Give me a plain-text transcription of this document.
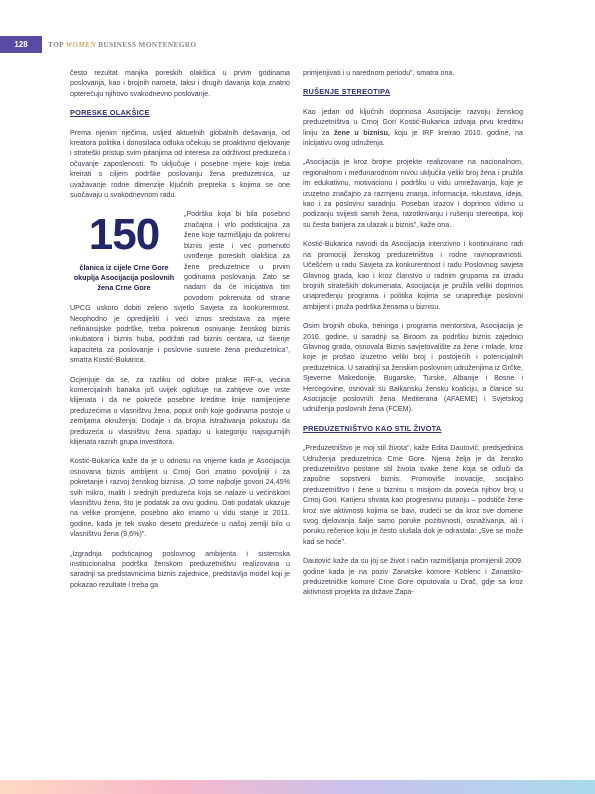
128	TOP WOMEN BUSINESS MONTENEGRO

često rezultat manjka poreskih olakšica u prvim godinama poslovanja, kao i brojnih nameta, taksi i drugih davanja koja znatno opterećuju njihovo svakodnevno poslovanje.

PORESKE OLAKŠICE

Prema njenim riječima, usljed aktuelnih globalnih dešavanja, od kreatora politika i donosilaca odluka očekuju se proaktivno djelovanje i strateški pristup svim pitanjima od interesa za održivost preduzeća i očuvanje zaposlenosti. To uključuje i posebne mjere koje treba kreirati s ciljem podrške poslovanju žena preduzetnica, uz uvažavanje rodne dimenzije ključnih prepreka s kojima se one suočavaju u svakodnevnom radu.

150
članica iz cijele Crne Gore okuplja Asocijacija poslovnih žena Crne Gore

„Podrška koja bi bila posebno značajna i vrlo podsticajna za žene koje razmišljaju da pokrenu biznis jeste i već pomenuto uvođenje poreskih olakšica za žene preduzetnice u prvim godinama poslovanja. Zato se nadam da će inicijativa tim povodom pokrenuta od strane UPCG uskoro dobiti zeleno svjetlo Savjeta za konkurentnost. Neophodno je opredijeliti i veći iznos sredstava za mjere nefinansijske podrške, treba pokrenuti osnivanje ženskog biznis inkubatora i biznis huba, podržati rad biznis centara, uz širenje kapaciteta za poslovanje i poslovne susrete žena preduzetnica", smatra Kostić-Bukarica.

Ocjenjuje da se, za razliku od dobre prakse IRF-a, većina komercijalnih banaka još uvijek oglušuje na zahtjeve ove vrste klijenata i da ne pokreće posebne kreditne linije namijenjene preduzećima u vlasništvu žena, poput onih koje godinama postoje u zemljama okruženja. Dodaje i da brojna istraživanja pokazuju da preduzeća u vlasništvu žena spadaju u kategoriju najsigurnijih klijenata raznih grupa investitora.

Kostić-Bukarica kaže da je u odnosu na vrijeme kada je Asocijacija osnovana biznis ambijent u Crnoj Gori znatno povoljniji i za pokretanje i razvoj ženskog biznisa. „O tome najbolje govori 24,45% svih mikro, malih i srednjih preduzeća koja se nalaze u većinskom vlasništvu žena, što je podatak za ovu godinu. Dati podatak ukazuje na velike promjene, posebno ako imamo u vidu stanje iz 2011. godine, kada je tek svako deseto preduzeće u našoj zemlji bilo u vlasništvu žena (9,6%)".

„Izgradnja podsticajnog poslovnog ambijenta i sistemska institucionalna podrška ženskom preduzetništvu realizovana u saradnji sa predstavnicima biznis zajednice, predstavlja model koji je pokazao rezultate i treba ga

primjenjivati i u narednom periodu", smatra ona.

RUŠENJE STEREOTIPA

Kao jedan od ključnih doprinosa Asocijacije razvoju ženskog preduzetništva u Crnoj Gori Kostić-Bukarica izdvaja prvu kreditnu liniju za žene u biznisu, koju je IRF kreirao 2010. godine, na inicijativu ovog udruženja.

„Asocijacija je kroz brojne projekte realizovane na nacionalnom, regionalnom i međunarodnom nivou uključila veliki broj žena i pružila im edukativnu, motivacionu i podršku u vidu umrežavanja, koje je izuzetno značajno za razmjenu znanja, informacija, iskustava, ideja, kao i za poslovnu saradnju. Poseban izazov i doprinos vidimo u podizanju svijesti samih žena, razotkrivanju i rušenju stereotipa, koji su česta barijera za ulazak u biznis", kaže ona.

Kostić-Bukarica navodi da Asocijacija intenzivno i kontinuirano radi na promociji ženskog preduzetništva i rodne ravnopravnosti. Učešćem u radu Savjeta za konkurentnost i radu Poslovnog savjeta Glavnog grada, kao i kroz članstvo u radnim grupama za izradu brojnih strateških dokumenata, Asocijacija je pružila veliki doprinos unapređenju programa i politika kojima se unapređuje poslovni ambijent i pruža podrška ženama u biznisu.

Osim brojnih obuka, treninga i programa mentorstva, Asocijacija je 2016. godine, u saradnji sa Biroom za podršku biznis zajednici Glavnog grada, osnovala Biznis savjetovalište za žene i mlade, kroz koje je prošao izuzetno veliki broj i postojećih i potencijalnih preduzetnica. U saradnji sa ženskim poslovnim udruženjima iz Grčke, Sjeverne Makedonije, Bugarske, Turske, Albanije i Bosne i Hercegovine, osnovali su Balkansku žensku koaliciju, a članice su Asocijacije poslovnih žena Mediterana (AFAEME) i Svjetskog udruženja poslovnih žena (FCEM).

PREDUZETNIŠTVO KAO STIL ŽIVOTA

„Preduzetništvo je moj stil života", kaže Edita Dautović, predsjednica Udruženja preduzetnica Crne Gore. Njena želja je da žensko preduzetništvo postane stil života svake žene koja se odluči da započne sopstveni biznis. Promoviše inovacije, socijalno preduzetništvo i žene u biznisu s misijom da poveća njihov broj u Crnoj Gori. Karijeru shvata kao progresivnu putanju – podstiče žene kroz sve aktivnosti kojima se bavi, trudeći se da kroz sve domene svog djelovanja šalje samo poruke pozitivnosti, osnaživanja, ali i poruku rečenice koju je često slušala dok je odrastala: „Sve se može kad se hoće".

Dautović kaže da su joj se život i način razmišljanja promijenili 2009. godine kada je na poziv Zanatske komore Koblenc i Zanatsko-preduzetničke komore Crne Gore otputovala u Drač, gdje sa kroz aktivnosti projekta za države Zapa-
